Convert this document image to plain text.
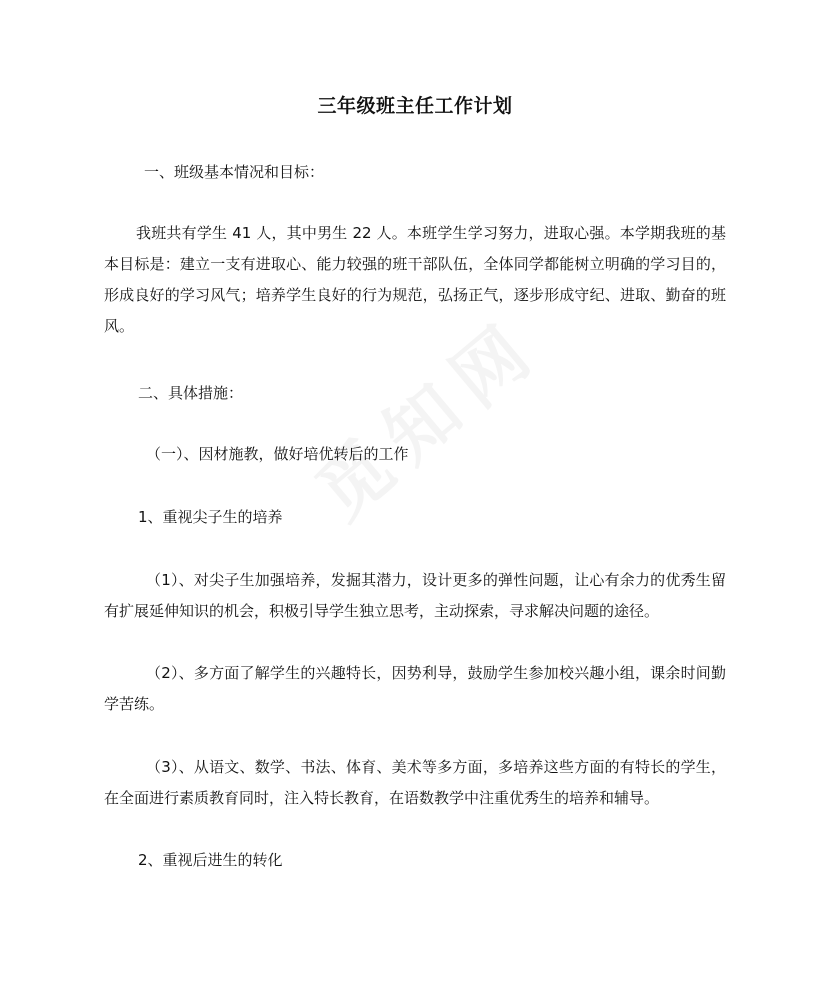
三年级班主任工作计划
一、班级基本情况和目标：
我班共有学生 41 人，其中男生 22 人。本班学生学习努力，进取心强。本学期我班的基本目标是：建立一支有进取心、能力较强的班干部队伍，全体同学都能树立明确的学习目的，形成良好的学习风气；培养学生良好的行为规范，弘扬正气，逐步形成守纪、进取、勤奋的班风。
二、具体措施：
（一）、因材施教，做好培优转后的工作
1、重视尖子生的培养
（1）、对尖子生加强培养，发掘其潜力，设计更多的弹性问题，让心有余力的优秀生留有扩展延伸知识的机会，积极引导学生独立思考，主动探索，寻求解决问题的途径。
（2）、多方面了解学生的兴趣特长，因势利导，鼓励学生参加校兴趣小组，课余时间勤学苦练。
（3）、从语文、数学、书法、体育、美术等多方面，多培养这些方面的有特长的学生，在全面进行素质教育同时，注入特长教育，在语数教学中注重优秀生的培养和辅导。
2、重视后进生的转化
